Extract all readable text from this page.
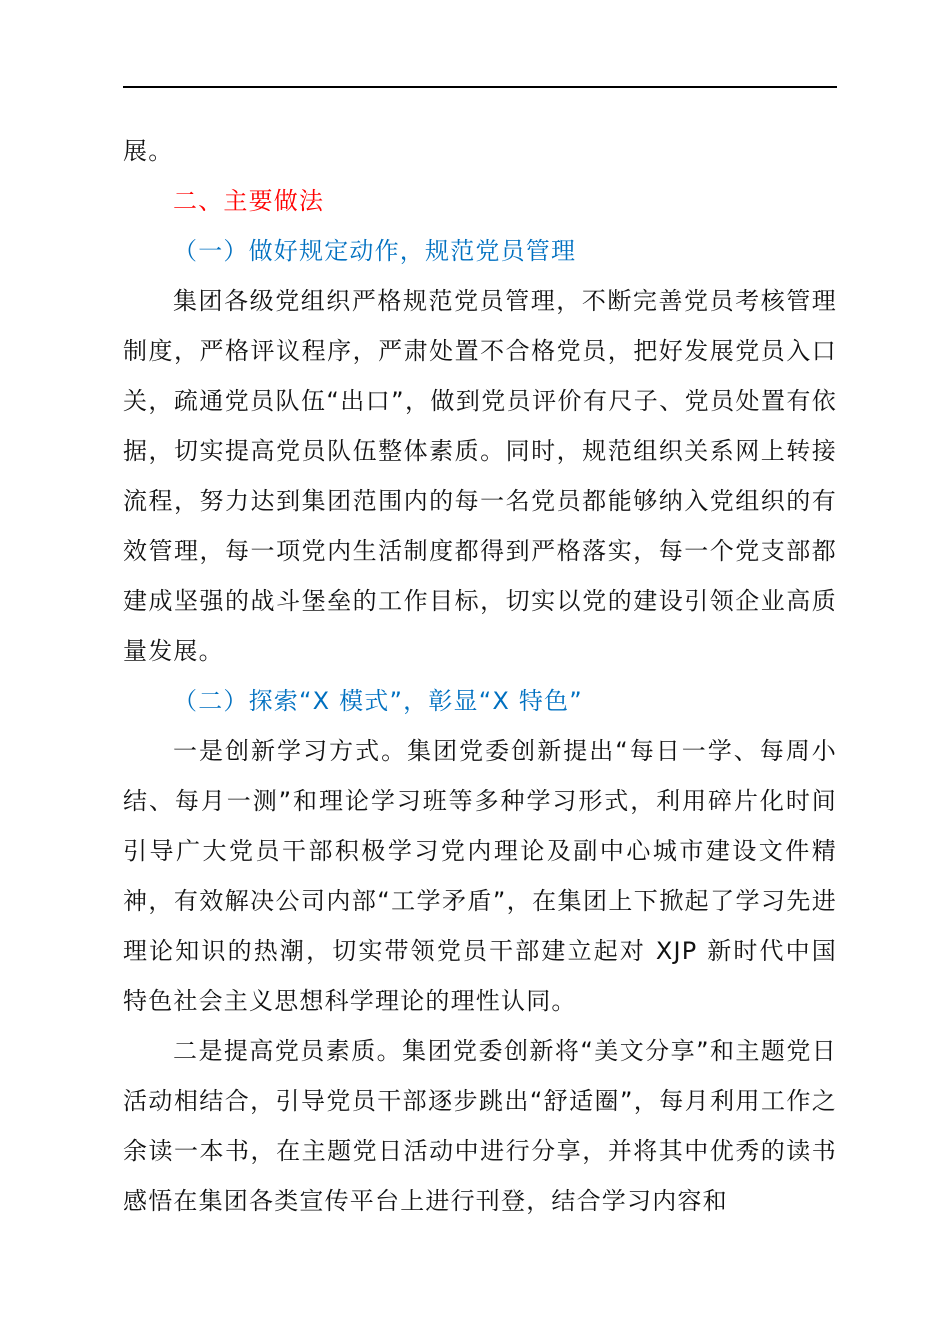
展。

二、主要做法

（一）做好规定动作，规范党员管理

集团各级党组织严格规范党员管理，不断完善党员考核管理制度，严格评议程序，严肃处置不合格党员，把好发展党员入口关，疏通党员队伍“出口”，做到党员评价有尺子、党员处置有依据，切实提高党员队伍整体素质。同时，规范组织关系网上转接流程，努力达到集团范围内的每一名党员都能够纳入党组织的有效管理，每一项党内生活制度都得到严格落实，每一个党支部都建成坚强的战斗堡垒的工作目标，切实以党的建设引领企业高质量发展。

（二）探索“X 模式”，彰显“X 特色”

一是创新学习方式。集团党委创新提出“每日一学、每周小结、每月一测”和理论学习班等多种学习形式，利用碎片化时间引导广大党员干部积极学习党内理论及副中心城市建设文件精神，有效解决公司内部“工学矛盾”，在集团上下掀起了学习先进理论知识的热潮，切实带领党员干部建立起对 XJP 新时代中国特色社会主义思想科学理论的理性认同。

二是提高党员素质。集团党委创新将“美文分享”和主题党日活动相结合，引导党员干部逐步跳出“舒适圈”，每月利用工作之余读一本书，在主题党日活动中进行分享，并将其中优秀的读书感悟在集团各类宣传平台上进行刊登，结合学习内容和
